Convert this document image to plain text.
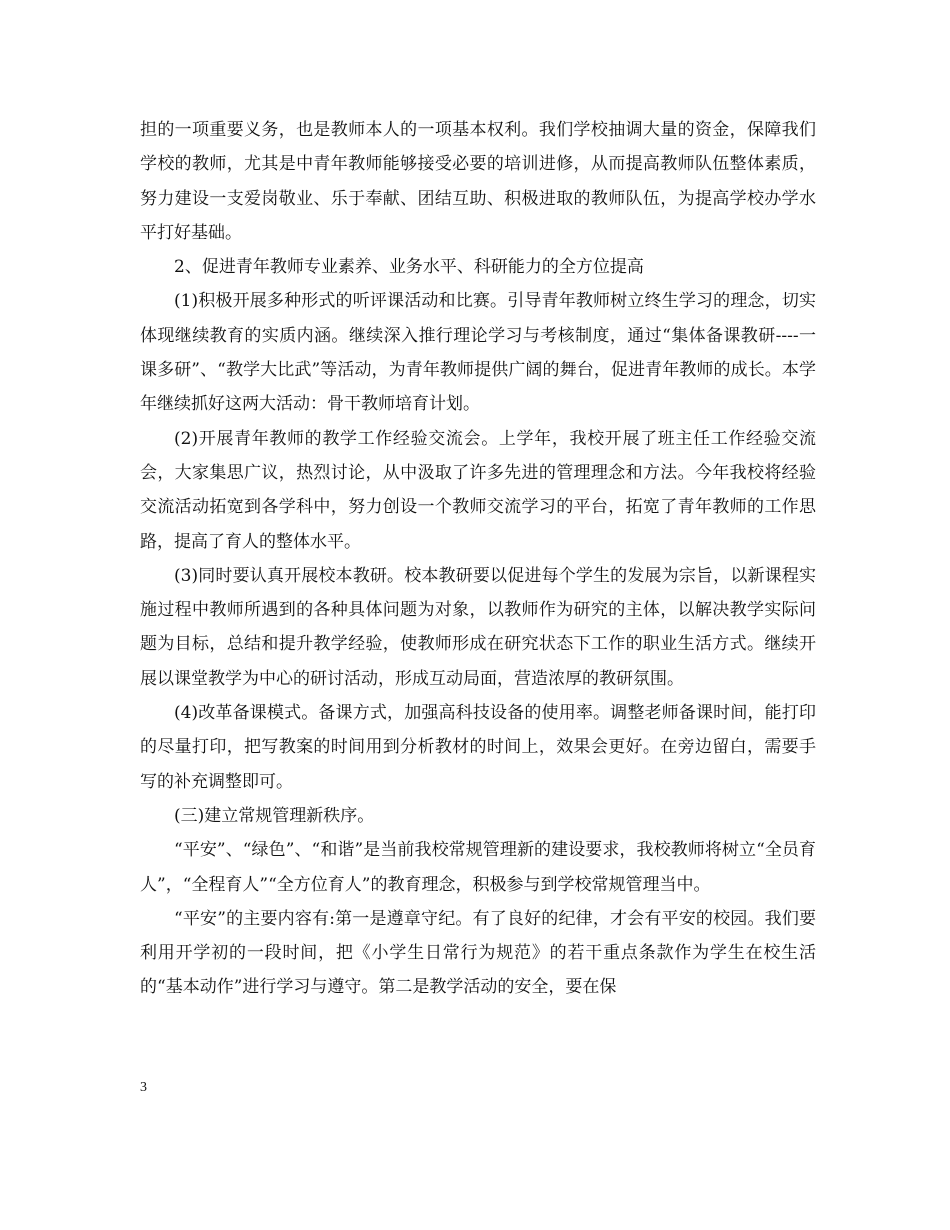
担的一项重要义务，也是教师本人的一项基本权利。我们学校抽调大量的资金，保障我们学校的教师，尤其是中青年教师能够接受必要的培训进修，从而提高教师队伍整体素质，努力建设一支爱岗敬业、乐于奉献、团结互助、积极进取的教师队伍，为提高学校办学水平打好基础。

2、促进青年教师专业素养、业务水平、科研能力的全方位提高

(1)积极开展多种形式的听评课活动和比赛。引导青年教师树立终生学习的理念，切实体现继续教育的实质内涵。继续深入推行理论学习与考核制度，通过“集体备课教研----一课多研”、“教学大比武”等活动，为青年教师提供广阔的舞台，促进青年教师的成长。本学年继续抓好这两大活动：骨干教师培育计划。

(2)开展青年教师的教学工作经验交流会。上学年，我校开展了班主任工作经验交流会，大家集思广议，热烈讨论，从中汲取了许多先进的管理理念和方法。今年我校将经验交流活动拓宽到各学科中，努力创设一个教师交流学习的平台，拓宽了青年教师的工作思路，提高了育人的整体水平。

(3)同时要认真开展校本教研。校本教研要以促进每个学生的发展为宗旨，以新课程实施过程中教师所遇到的各种具体问题为对象，以教师作为研究的主体，以解决教学实际问题为目标，总结和提升教学经验，使教师形成在研究状态下工作的职业生活方式。继续开展以课堂教学为中心的研讨活动，形成互动局面，营造浓厚的教研氛围。

(4)改革备课模式。备课方式，加强高科技设备的使用率。调整老师备课时间，能打印的尽量打印，把写教案的时间用到分析教材的时间上，效果会更好。在旁边留白，需要手写的补充调整即可。

(三)建立常规管理新秩序。

“平安”、“绿色”、“和谐”是当前我校常规管理新的建设要求，我校教师将树立“全员育人”，“全程育人”“全方位育人”的教育理念，积极参与到学校常规管理当中。

“平安”的主要内容有:第一是遵章守纪。有了良好的纪律，才会有平安的校园。我们要利用开学初的一段时间，把《小学生日常行为规范》的若干重点条款作为学生在校生活的“基本动作”进行学习与遵守。第二是教学活动的安全，要在保

3
